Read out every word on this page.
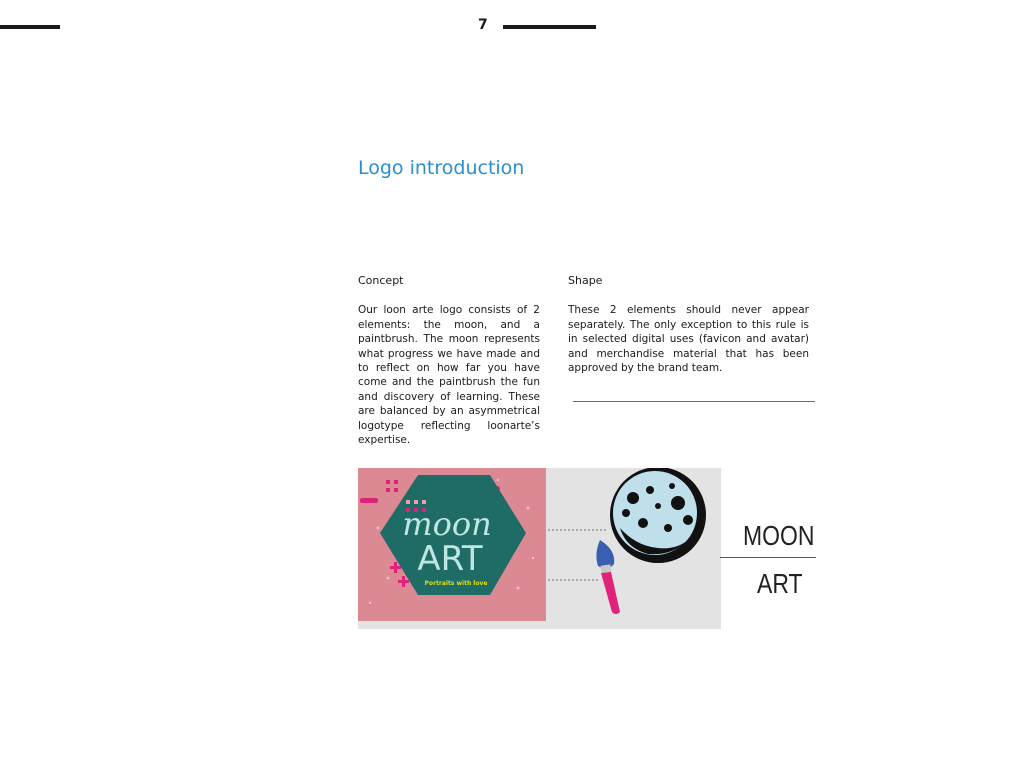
7
Logo introduction
Concept

Our loon arte logo consists of 2 elements: the moon, and a paintbrush. The moon represents what progress we have made and to reflect on how far you have come and the paintbrush the fun and discovery of learning. These are balanced by an asymmetrical logotype reflecting loonarte’s expertise.

Shape

These 2 elements should never appear separately. The only exception to this rule is in selected digital uses (favicon and avatar) and merchandise material that has been approved by the brand team.

moon
ART
Portraits with love
MOON
ART
